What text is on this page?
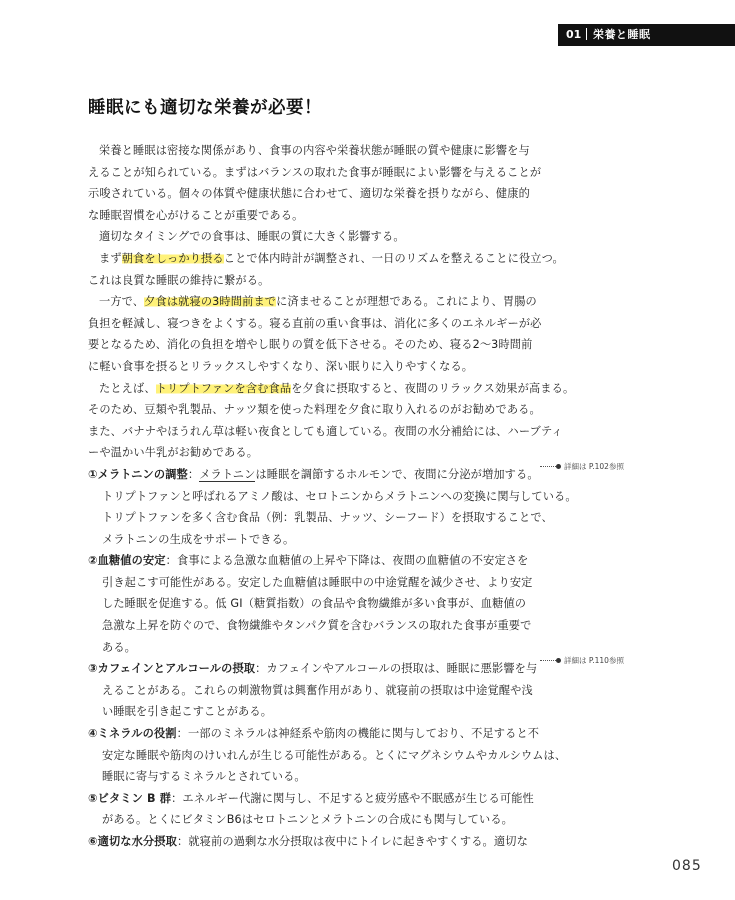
01 栄養と睡眠
睡眠にも適切な栄養が必要！
栄養と睡眠は密接な関係があり、食事の内容や栄養状態が睡眠の質や健康に影響を与
えることが知られている。まずはバランスの取れた食事が睡眠によい影響を与えることが
示唆されている。個々の体質や健康状態に合わせて、適切な栄養を摂りながら、健康的
な睡眠習慣を心がけることが重要である。
適切なタイミングでの食事は、睡眠の質に大きく影響する。
まず朝食をしっかり摂ることで体内時計が調整され、一日のリズムを整えることに役立つ。
これは良質な睡眠の維持に繋がる。
一方で、夕食は就寝の3時間前までに済ませることが理想である。これにより、胃腸の
負担を軽減し、寝つきをよくする。寝る直前の重い食事は、消化に多くのエネルギーが必
要となるため、消化の負担を増やし眠りの質を低下させる。そのため、寝る2～3時間前
に軽い食事を摂るとリラックスしやすくなり、深い眠りに入りやすくなる。
たとえば、トリプトファンを含む食品を夕食に摂取すると、夜間のリラックス効果が高まる。
そのため、豆類や乳製品、ナッツ類を使った料理を夕食に取り入れるのがお勧めである。
また、バナナやほうれん草は軽い夜食としても適している。夜間の水分補給には、ハーブティ
ーや温かい牛乳がお勧めである。
①メラトニンの調整：メラトニンは睡眠を調節するホルモンで、夜間に分泌が増加する。
トリプトファンと呼ばれるアミノ酸は、セロトニンからメラトニンへの変換に関与している。
トリプトファンを多く含む食品（例：乳製品、ナッツ、シーフード）を摂取することで、
メラトニンの生成をサポートできる。
②血糖値の安定：食事による急激な血糖値の上昇や下降は、夜間の血糖値の不安定さを
引き起こす可能性がある。安定した血糖値は睡眠中の中途覚醒を減少させ、より安定
した睡眠を促進する。低 GI（糖質指数）の食品や食物繊維が多い食事が、血糖値の
急激な上昇を防ぐので、食物繊維やタンパク質を含むバランスの取れた食事が重要で
ある。
③カフェインとアルコールの摂取：カフェインやアルコールの摂取は、睡眠に悪影響を与
えることがある。これらの刺激物質は興奮作用があり、就寝前の摂取は中途覚醒や浅
い睡眠を引き起こすことがある。
④ミネラルの役割：一部のミネラルは神経系や筋肉の機能に関与しており、不足すると不
安定な睡眠や筋肉のけいれんが生じる可能性がある。とくにマグネシウムやカルシウムは、
睡眠に寄与するミネラルとされている。
⑤ビタミン B 群：エネルギー代謝に関与し、不足すると疲労感や不眠感が生じる可能性
がある。とくにビタミンB6はセロトニンとメラトニンの合成にも関与している。
⑥適切な水分摂取：就寝前の過剰な水分摂取は夜中にトイレに起きやすくする。適切な
詳細は P.102参照
詳細は P.110参照
085
